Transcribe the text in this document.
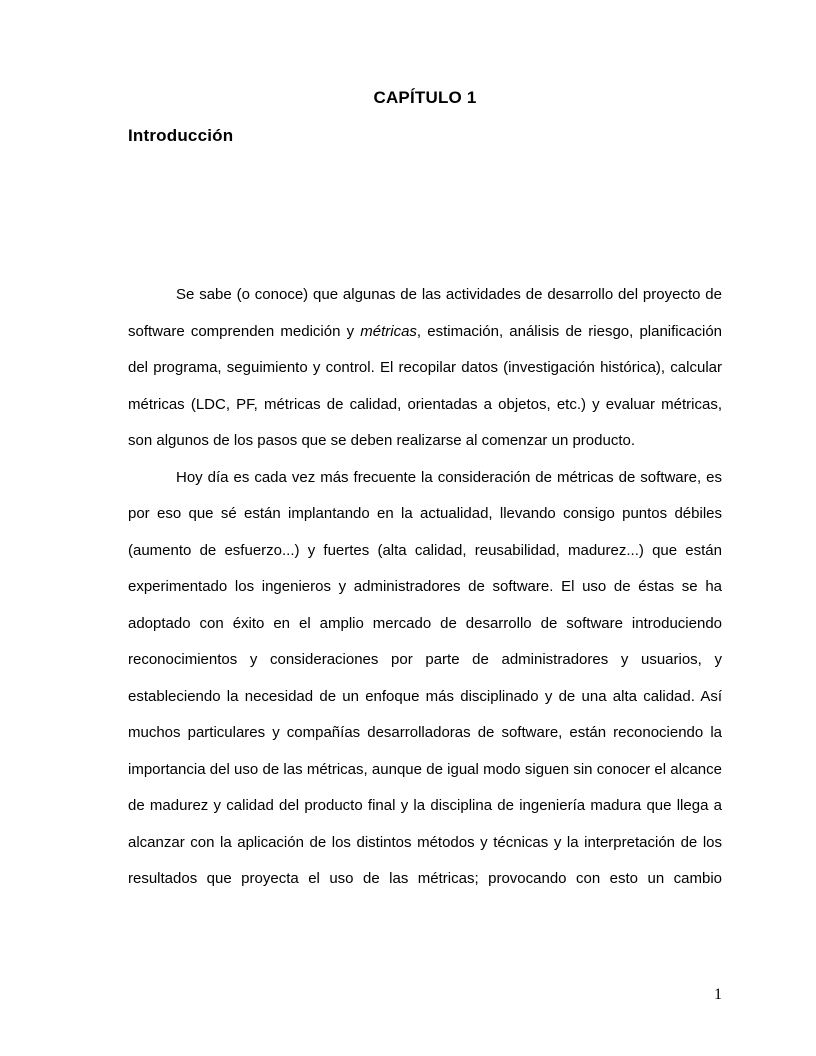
CAPÍTULO 1
Introducción

Se sabe (o conoce) que algunas de las actividades de desarrollo del proyecto de software comprenden medición y métricas, estimación, análisis de riesgo, planificación del programa, seguimiento y control. El recopilar datos (investigación histórica), calcular métricas (LDC, PF, métricas de calidad, orientadas a objetos, etc.) y evaluar métricas, son algunos de los pasos que se deben realizarse al comenzar un producto.

Hoy día es cada vez más frecuente la consideración de métricas de software, es por eso que sé están implantando en la actualidad, llevando consigo puntos débiles (aumento de esfuerzo...) y fuertes (alta calidad, reusabilidad, madurez...) que están experimentado los ingenieros y administradores de software. El uso de éstas se ha adoptado con éxito en el amplio mercado de desarrollo de software introduciendo reconocimientos y consideraciones por parte de administradores y usuarios, y estableciendo la necesidad de un enfoque más disciplinado y de una alta calidad. Así muchos particulares y compañías desarrolladoras de software, están reconociendo la importancia del uso de las métricas, aunque de igual modo siguen sin conocer el alcance de madurez y calidad del producto final y la disciplina de ingeniería madura que llega a alcanzar con la aplicación de los distintos métodos y técnicas y la interpretación de los resultados que proyecta el uso de las métricas; provocando con esto un cambio

1
